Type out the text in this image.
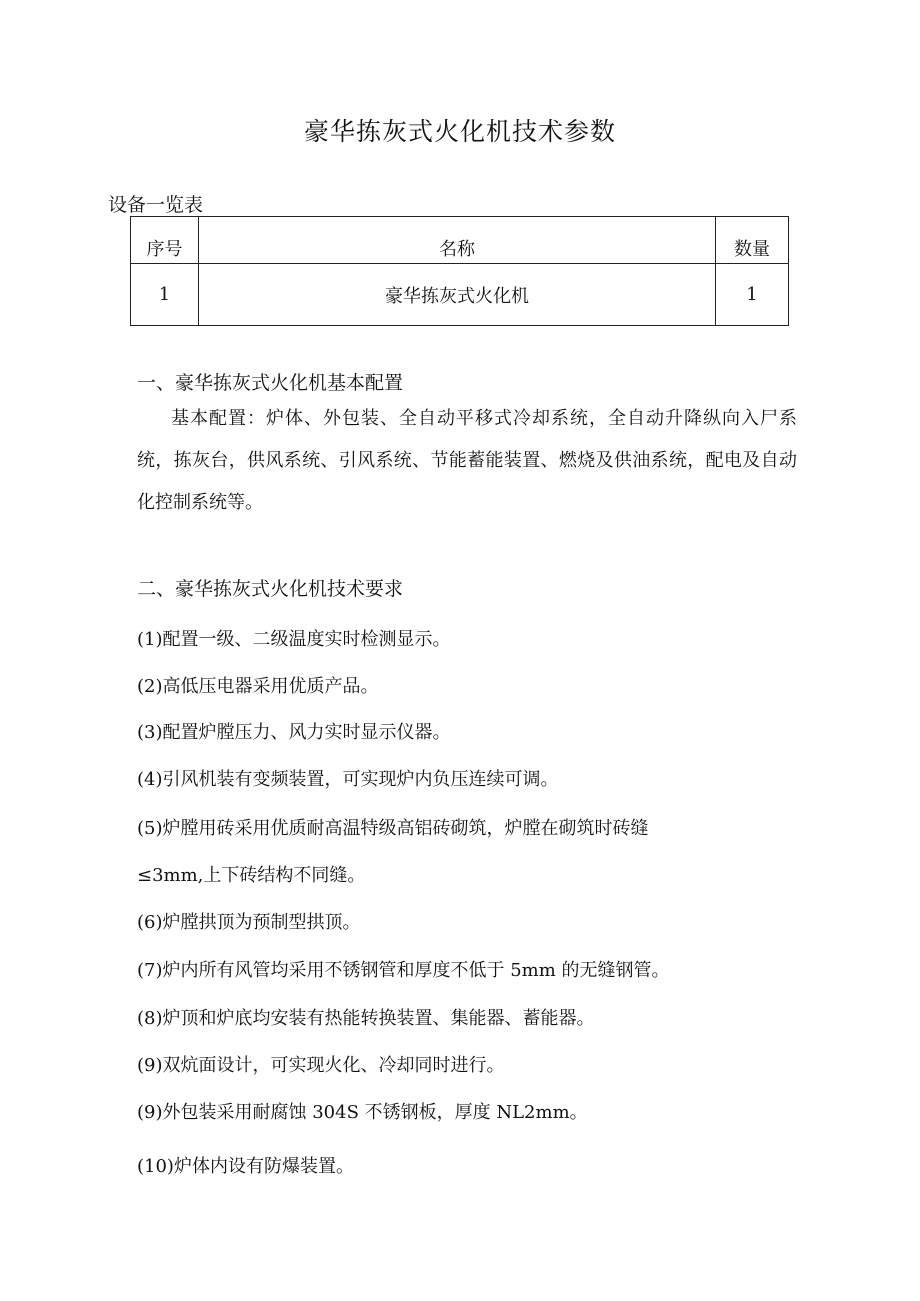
豪华拣灰式火化机技术参数
设备一览表
序号	名称	数量
1	豪华拣灰式火化机	1
一、豪华拣灰式火化机基本配置
基本配置：炉体、外包装、全自动平移式冷却系统，全自动升降纵向入尸系统，拣灰台，供风系统、引风系统、节能蓄能装置、燃烧及供油系统，配电及自动化控制系统等。
二、豪华拣灰式火化机技术要求
(1)配置一级、二级温度实时检测显示。
(2)高低压电器采用优质产品。
(3)配置炉膛压力、风力实时显示仪器。
(4)引风机装有变频装置，可实现炉内负压连续可调。
(5)炉膛用砖采用优质耐高温特级高铝砖砌筑，炉膛在砌筑时砖缝
≤3mm,上下砖结构不同缝。
(6)炉膛拱顶为预制型拱顶。
(7)炉内所有风管均采用不锈钢管和厚度不低于 5mm 的无缝钢管。
(8)炉顶和炉底均安装有热能转换装置、集能器、蓄能器。
(9)双炕面设计，可实现火化、冷却同时进行。
(9)外包装采用耐腐蚀 304S 不锈钢板，厚度 NL2mm。
(10)炉体内设有防爆装置。
